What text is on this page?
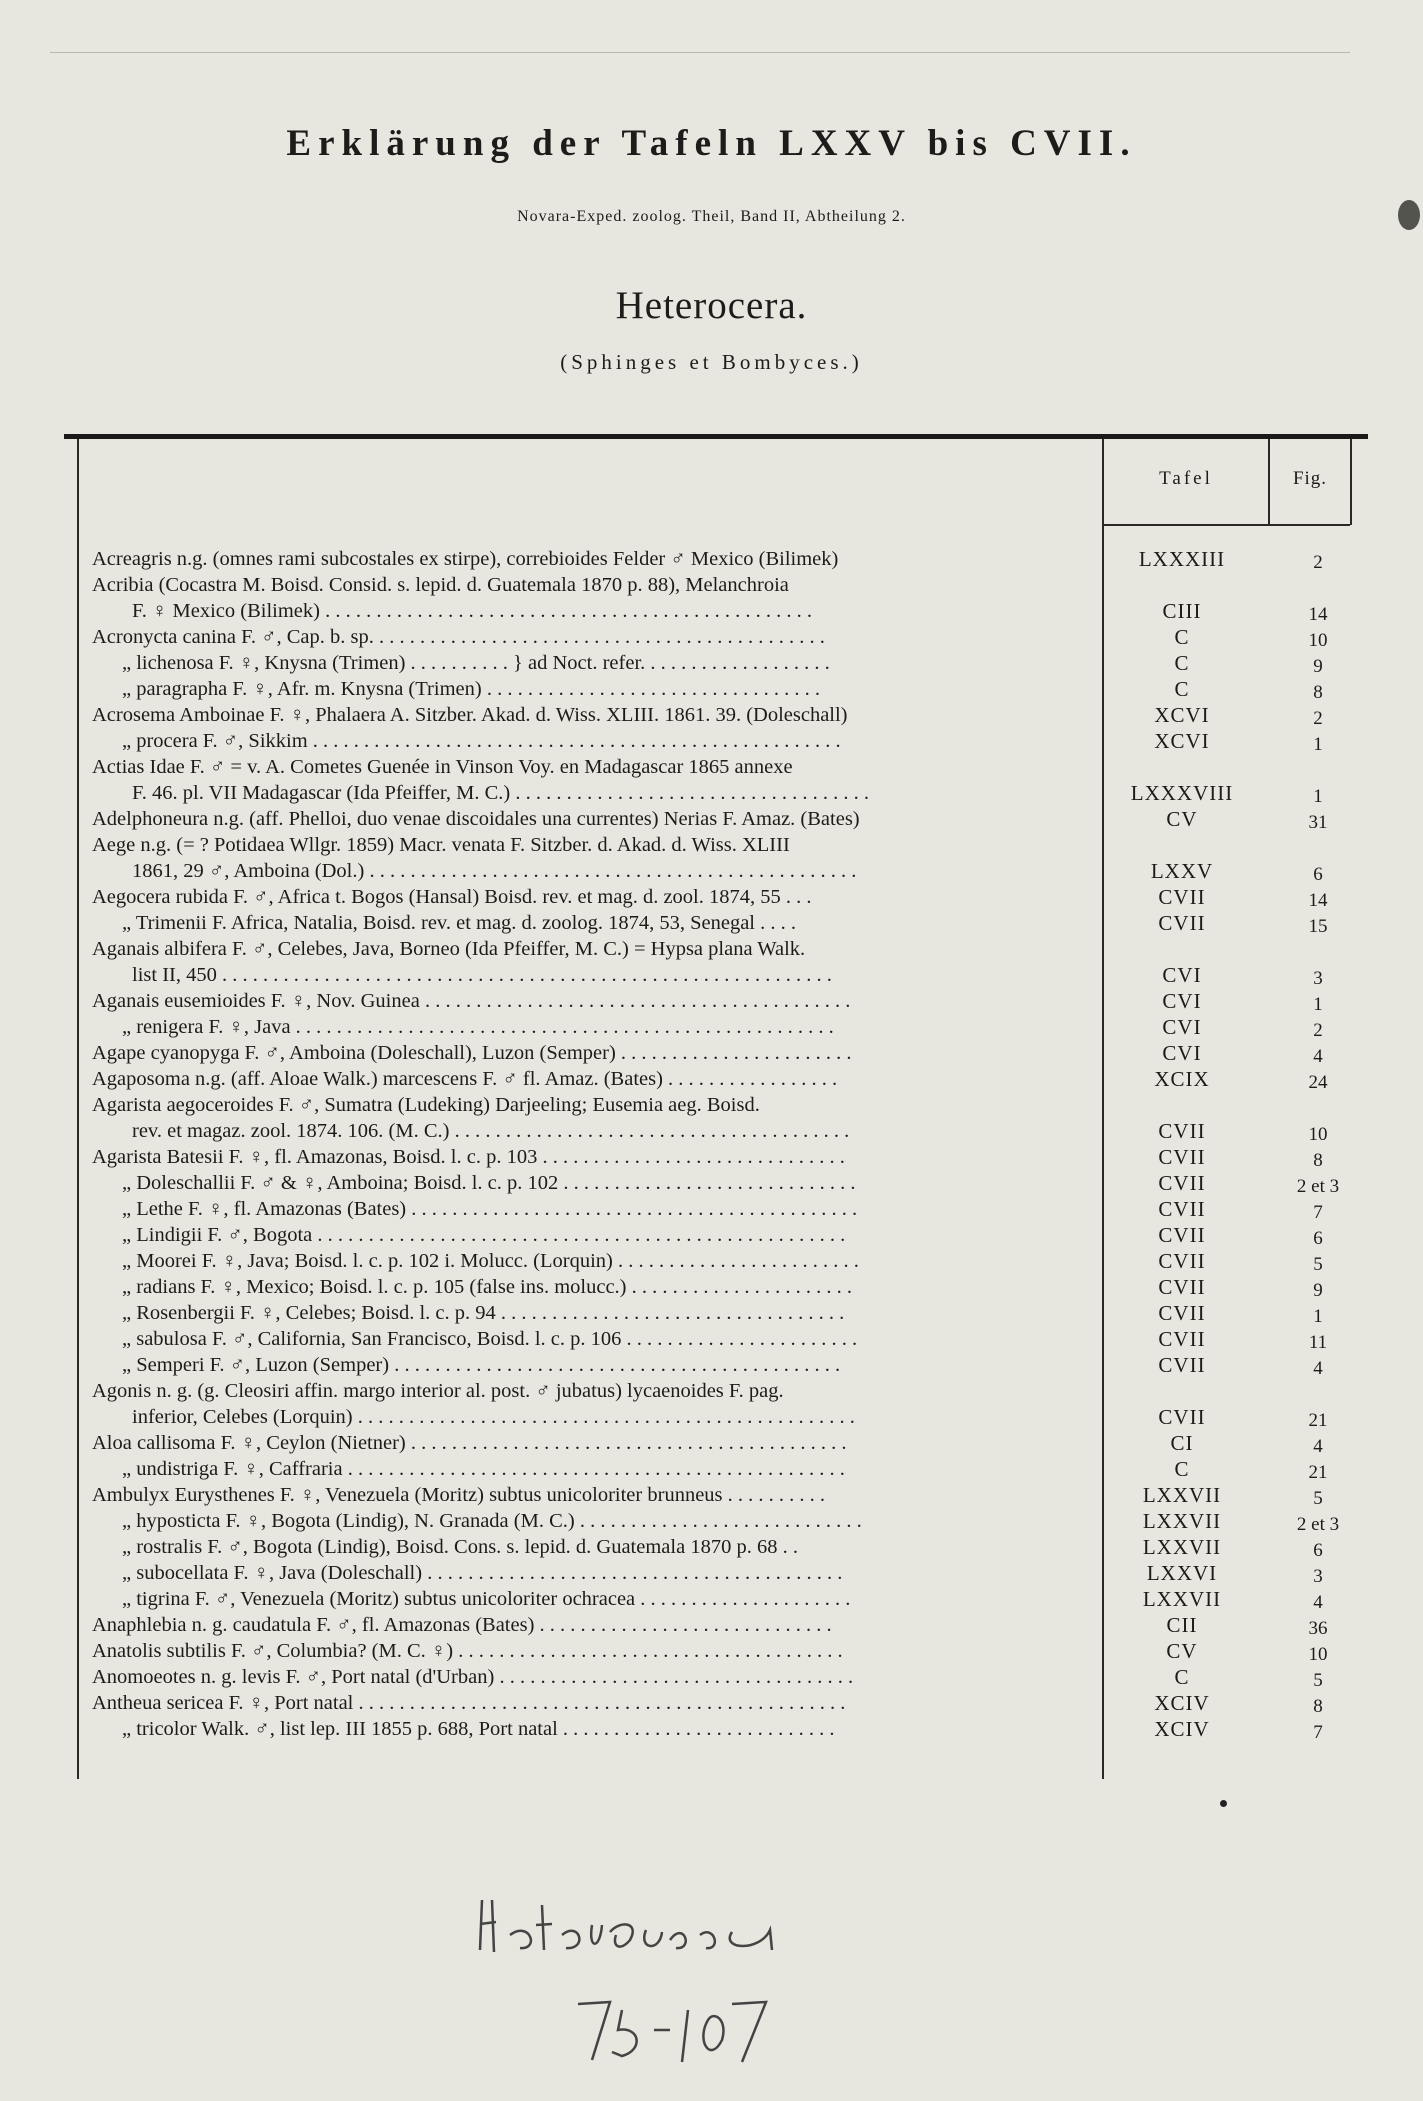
Erklärung der Tafeln LXXV bis CVII.
Novara-Exped. zoolog. Theil, Band II, Abtheilung 2.
Heterocera.
(Sphinges et Bombyces.)
Tafel	Fig.
Acreagris n.g. (omnes rami subcostales ex stirpe), correbioides Felder ♂ Mexico (Bilimek)	LXXXIII	2
Acribia (Cocastra M. Boisd. Consid. s. lepid. d. Guatemala 1870 p. 88), Melanchroia
F. ♀ Mexico (Bilimek) . . . . . . . . . . . . . . . . . . . . . . . . . . . . . . . . . . . . . . . . . . . . . . . .	CIII	14
Acronycta canina F. ♂, Cap. b. sp. . . . . . . . . . . . . . . . . . . . . . . . . . . . . . . . . . . . . . . . . . . . .	C	10
„ lichenosa F. ♀, Knysna (Trimen) . . . . . . . . . . } ad Noct. refer. . . . . . . . . . . . . . . . . . .	C	9
„ paragrapha F. ♀, Afr. m. Knysna (Trimen) . . . . . . . . . . . . . . . . . . . . . . . . . . . . . . . . .	C	8
Acrosema Amboinae F. ♀, Phalaera A. Sitzber. Akad. d. Wiss. XLIII. 1861. 39. (Doleschall)	XCVI	2
„ procera F. ♂, Sikkim . . . . . . . . . . . . . . . . . . . . . . . . . . . . . . . . . . . . . . . . . . . . . . . . . . . .	XCVI	1
Actias Idae F. ♂ = v. A. Cometes Guenée in Vinson Voy. en Madagascar 1865 annexe
F. 46. pl. VII Madagascar (Ida Pfeiffer, M. C.) . . . . . . . . . . . . . . . . . . . . . . . . . . . . . . . . . . .	LXXXVIII	1
Adelphoneura n.g. (aff. Phelloi, duo venae discoidales una currentes) Nerias F. Amaz. (Bates)	CV	31
Aege n.g. (= ? Potidaea Wllgr. 1859) Macr. venata F. Sitzber. d. Akad. d. Wiss. XLIII
1861, 29 ♂, Amboina (Dol.) . . . . . . . . . . . . . . . . . . . . . . . . . . . . . . . . . . . . . . . . . . . . . . . .	LXXV	6
Aegocera rubida F. ♂, Africa t. Bogos (Hansal) Boisd. rev. et mag. d. zool. 1874, 55 . . .	CVII	14
„ Trimenii F. Africa, Natalia, Boisd. rev. et mag. d. zoolog. 1874, 53, Senegal . . . .	CVII	15
Aganais albifera F. ♂, Celebes, Java, Borneo (Ida Pfeiffer, M. C.) = Hypsa plana Walk.
list II, 450 . . . . . . . . . . . . . . . . . . . . . . . . . . . . . . . . . . . . . . . . . . . . . . . . . . . . . . . . . . . .	CVI	3
Aganais eusemioides F. ♀, Nov. Guinea . . . . . . . . . . . . . . . . . . . . . . . . . . . . . . . . . . . . . . . . . .	CVI	1
„ renigera F. ♀, Java . . . . . . . . . . . . . . . . . . . . . . . . . . . . . . . . . . . . . . . . . . . . . . . . . . . . .	CVI	2
Agape cyanopyga F. ♂, Amboina (Doleschall), Luzon (Semper) . . . . . . . . . . . . . . . . . . . . . . .	CVI	4
Agaposoma n.g. (aff. Aloae Walk.) marcescens F. ♂ fl. Amaz. (Bates) . . . . . . . . . . . . . . . . .	XCIX	24
Agarista aegoceroides F. ♂, Sumatra (Ludeking) Darjeeling; Eusemia aeg. Boisd.
rev. et magaz. zool. 1874. 106. (M. C.) . . . . . . . . . . . . . . . . . . . . . . . . . . . . . . . . . . . . . . .	CVII	10
Agarista Batesii F. ♀, fl. Amazonas, Boisd. l. c. p. 103 . . . . . . . . . . . . . . . . . . . . . . . . . . . . . .	CVII	8
„ Doleschallii F. ♂ & ♀, Amboina; Boisd. l. c. p. 102 . . . . . . . . . . . . . . . . . . . . . . . . . . . . .	CVII	2 et 3
„ Lethe F. ♀, fl. Amazonas (Bates) . . . . . . . . . . . . . . . . . . . . . . . . . . . . . . . . . . . . . . . . . . . .	CVII	7
„ Lindigii F. ♂, Bogota . . . . . . . . . . . . . . . . . . . . . . . . . . . . . . . . . . . . . . . . . . . . . . . . . . . .	CVII	6
„ Moorei F. ♀, Java; Boisd. l. c. p. 102 i. Molucc. (Lorquin) . . . . . . . . . . . . . . . . . . . . . . . .	CVII	5
„ radians F. ♀, Mexico; Boisd. l. c. p. 105 (false ins. molucc.) . . . . . . . . . . . . . . . . . . . . . .	CVII	9
„ Rosenbergii F. ♀, Celebes; Boisd. l. c. p. 94 . . . . . . . . . . . . . . . . . . . . . . . . . . . . . . . . . .	CVII	1
„ sabulosa F. ♂, California, San Francisco, Boisd. l. c. p. 106 . . . . . . . . . . . . . . . . . . . . . . .	CVII	11
„ Semperi F. ♂, Luzon (Semper) . . . . . . . . . . . . . . . . . . . . . . . . . . . . . . . . . . . . . . . . . . . .	CVII	4
Agonis n. g. (g. Cleosiri affin. margo interior al. post. ♂ jubatus) lycaenoides F. pag.
inferior, Celebes (Lorquin) . . . . . . . . . . . . . . . . . . . . . . . . . . . . . . . . . . . . . . . . . . . . . . . . .	CVII	21
Aloa callisoma F. ♀, Ceylon (Nietner) . . . . . . . . . . . . . . . . . . . . . . . . . . . . . . . . . . . . . . . . . . .	CI	4
„ undistriga F. ♀, Caffraria . . . . . . . . . . . . . . . . . . . . . . . . . . . . . . . . . . . . . . . . . . . . . . . . .	C	21
Ambulyx Eurysthenes F. ♀, Venezuela (Moritz) subtus unicoloriter brunneus . . . . . . . . . .	LXXVII	5
„ hyposticta F. ♀, Bogota (Lindig), N. Granada (M. C.) . . . . . . . . . . . . . . . . . . . . . . . . . . . .	LXXVII	2 et 3
„ rostralis F. ♂, Bogota (Lindig), Boisd. Cons. s. lepid. d. Guatemala 1870 p. 68 . .	LXXVII	6
„ subocellata F. ♀, Java (Doleschall) . . . . . . . . . . . . . . . . . . . . . . . . . . . . . . . . . . . . . . . . .	LXXVI	3
„ tigrina F. ♂, Venezuela (Moritz) subtus unicoloriter ochracea . . . . . . . . . . . . . . . . . . . . .	LXXVII	4
Anaphlebia n. g. caudatula F. ♂, fl. Amazonas (Bates) . . . . . . . . . . . . . . . . . . . . . . . . . . . . .	CII	36
Anatolis subtilis F. ♂, Columbia? (M. C. ♀) . . . . . . . . . . . . . . . . . . . . . . . . . . . . . . . . . . . . . .	CV	10
Anomoeotes n. g. levis F. ♂, Port natal (d'Urban) . . . . . . . . . . . . . . . . . . . . . . . . . . . . . . . . . . .	C	5
Antheua sericea F. ♀, Port natal . . . . . . . . . . . . . . . . . . . . . . . . . . . . . . . . . . . . . . . . . . . . . . . .	XCIV	8
„ tricolor Walk. ♂, list lep. III 1855 p. 688, Port natal . . . . . . . . . . . . . . . . . . . . . . . . . . .	XCIV	7
